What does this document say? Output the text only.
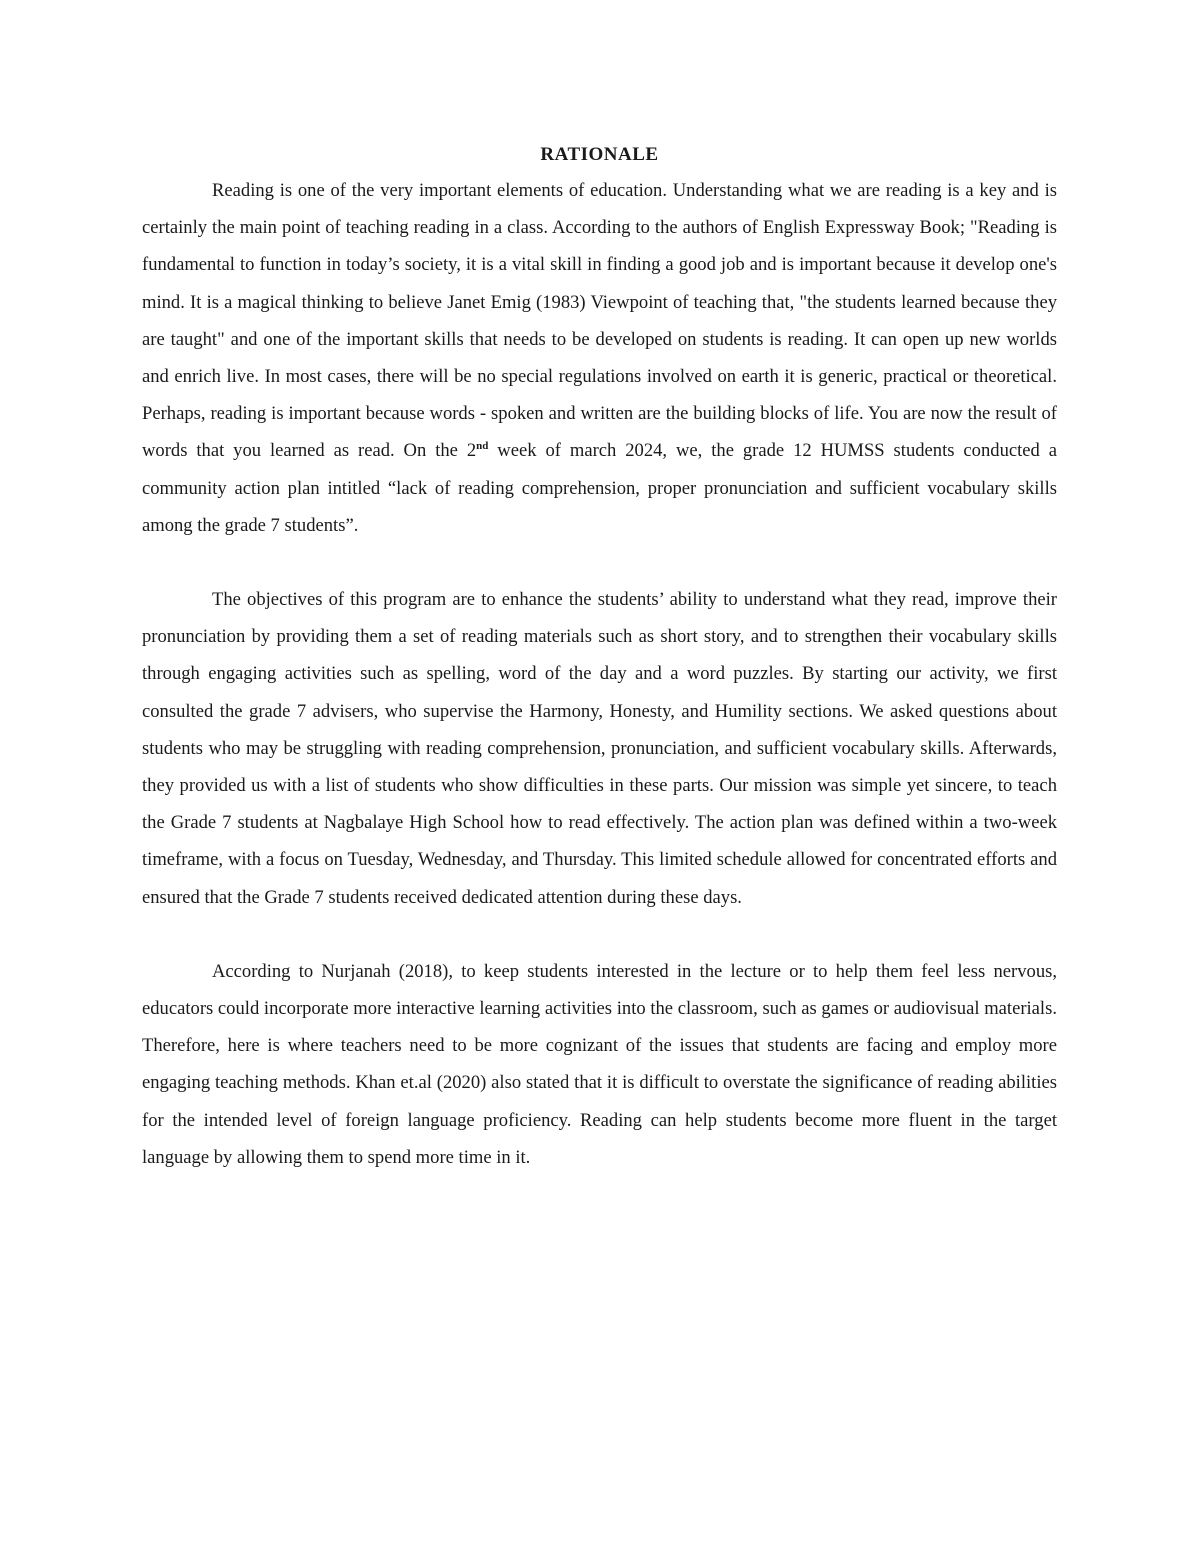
RATIONALE

Reading is one of the very important elements of education. Understanding what we are reading is a key and is certainly the main point of teaching reading in a class. According to the authors of English Expressway Book; "Reading is fundamental to function in today’s society, it is a vital skill in finding a good job and is important because it develop one's mind. It is a magical thinking to believe Janet Emig (1983) Viewpoint of teaching that, "the students learned because they are taught" and one of the important skills that needs to be developed on students is reading. It can open up new worlds and enrich live. In most cases, there will be no special regulations involved on earth it is generic, practical or theoretical. Perhaps, reading is important because words - spoken and written are the building blocks of life. You are now the result of words that you learned as read. On the 2nd week of march 2024, we, the grade 12 HUMSS students conducted a community action plan intitled “lack of reading comprehension, proper pronunciation and sufficient vocabulary skills among the grade 7 students”.

The objectives of this program are to enhance the students’ ability to understand what they read, improve their pronunciation by providing them a set of reading materials such as short story, and to strengthen their vocabulary skills through engaging activities such as spelling, word of the day and a word puzzles. By starting our activity, we first consulted the grade 7 advisers, who supervise the Harmony, Honesty, and Humility sections. We asked questions about students who may be struggling with reading comprehension, pronunciation, and sufficient vocabulary skills. Afterwards, they provided us with a list of students who show difficulties in these parts. Our mission was simple yet sincere, to teach the Grade 7 students at Nagbalaye High School how to read effectively. The action plan was defined within a two-week timeframe, with a focus on Tuesday, Wednesday, and Thursday. This limited schedule allowed for concentrated efforts and ensured that the Grade 7 students received dedicated attention during these days.

According to Nurjanah (2018), to keep students interested in the lecture or to help them feel less nervous, educators could incorporate more interactive learning activities into the classroom, such as games or audiovisual materials. Therefore, here is where teachers need to be more cognizant of the issues that students are facing and employ more engaging teaching methods. Khan et.al (2020) also stated that it is difficult to overstate the significance of reading abilities for the intended level of foreign language proficiency. Reading can help students become more fluent in the target language by allowing them to spend more time in it.
